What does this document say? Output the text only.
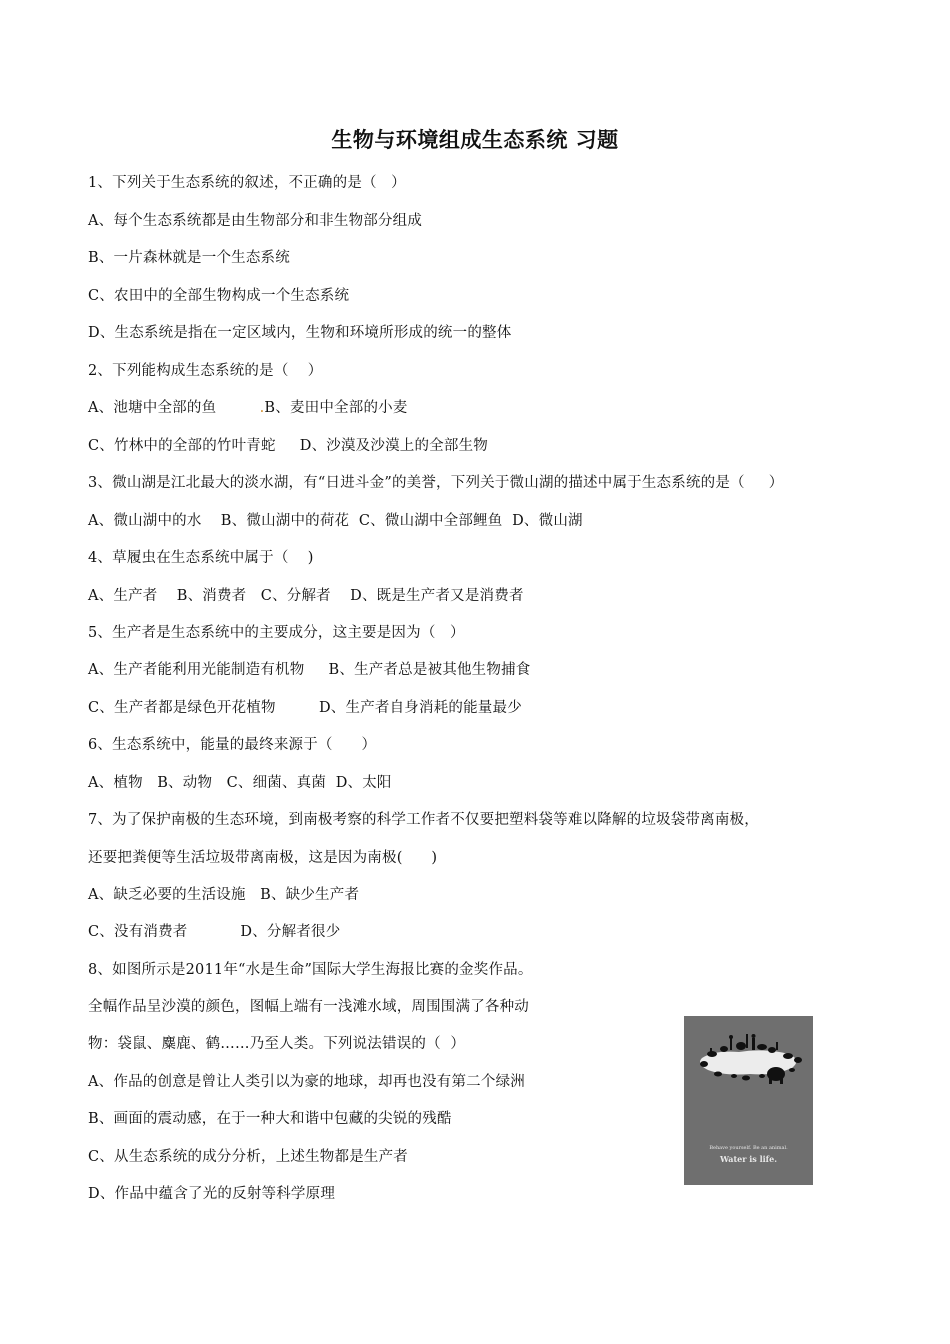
生物与环境组成生态系统 习题
1、下列关于生态系统的叙述，不正确的是（   ）
A、每个生态系统都是由生物部分和非生物部分组成
B、一片森林就是一个生态系统
C、农田中的全部生物构成一个生态系统
D、生态系统是指在一定区域内，生物和环境所形成的统一的整体
2、下列能构成生态系统的是（    ）
A、池塘中全部的鱼	.B、麦田中全部的小麦
C、竹林中的全部的竹叶青蛇     D、沙漠及沙漠上的全部生物
3、微山湖是江北最大的淡水湖，有“日进斗金”的美誉，下列关于微山湖的描述中属于生态系统的是（     ）
A、微山湖中的水    B、微山湖中的荷花  C、微山湖中全部鲤鱼  D、微山湖
4、草履虫在生态系统中属于（    )
A、生产者    B、消费者   C、分解者    D、既是生产者又是消费者
5、生产者是生态系统中的主要成分，这主要是因为（   ）
A、生产者能利用光能制造有机物     B、生产者总是被其他生物捕食
C、生产者都是绿色开花植物         D、生产者自身消耗的能量最少
6、生态系统中，能量的最终来源于（      ）
A、植物   B、动物   C、细菌、真菌  D、太阳
7、为了保护南极的生态环境，到南极考察的科学工作者不仅要把塑料袋等难以降解的垃圾袋带离南极，
还要把粪便等生活垃圾带离南极，这是因为南极(      )
A、缺乏必要的生活设施   B、缺少生产者
C、没有消费者           D、分解者很少
8、如图所示是2011年“水是生命”国际大学生海报比赛的金奖作品。
全幅作品呈沙漠的颜色，图幅上端有一浅滩水域，周围围满了各种动
物：袋鼠、麋鹿、鹤……乃至人类。下列说法错误的（  ）
A、作品的创意是曾让人类引以为豪的地球，却再也没有第二个绿洲
B、画面的震动感，在于一种大和谐中包藏的尖锐的残酷
C、从生态系统的成分分析，上述生物都是生产者
D、作品中蕴含了光的反射等科学原理
Behave yourself. Be an animal.
Water is life.
